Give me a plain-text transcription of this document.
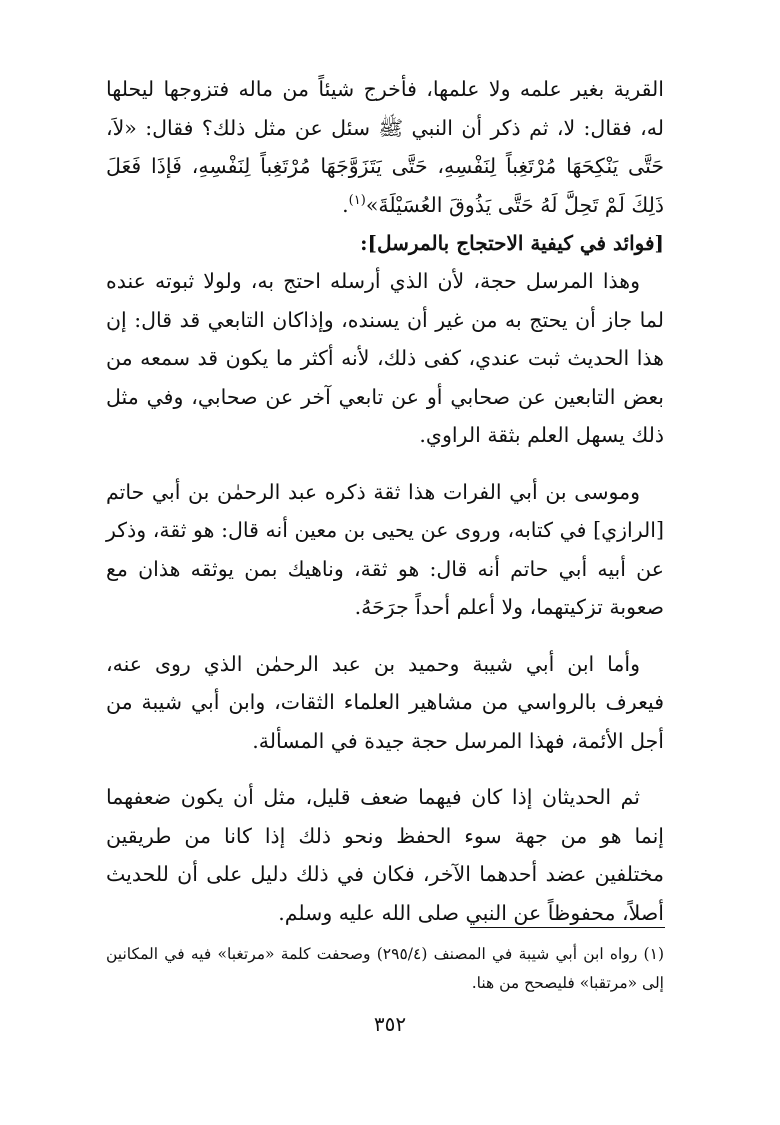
القرية بغير علمه ولا علمها، فأخرج شيئاً من ماله فتزوجها ليحلها له، فقال: لا، ثم ذكر أن النبي ﷺ سئل عن مثل ذلك؟ فقال: «لاَ، حَتَّى يَنْكِحَهَا مُرْتَغِباً لِنَفْسِهِ، حَتَّى يَتَزَوَّجَهَا مُرْتَغِباً لِنَفْسِهِ، فَإذَا فَعَلَ ذَلِكَ لَمْ تَحِلَّ لَهُ حَتَّى يَذُوقَ العُسَيْلَةَ»$^{(١)}$.

[فوائد في كيفية الاحتجاج بالمرسل]:

وهذا المرسل حجة، لأن الذي أرسله احتج به، ولولا ثبوته عنده لما جاز أن يحتج به من غير أن يسنده، وإذاكان التابعي قد قال: إن هذا الحديث ثبت عندي، كفى ذلك، لأنه أكثر ما يكون قد سمعه من بعض التابعين عن صحابي أو عن تابعي آخر عن صحابي، وفي مثل ذلك يسهل العلم بثقة الراوي.

وموسى بن أبي الفرات هذا ثقة ذكره عبد الرحمٰن بن أبي حاتم [الرازي] في كتابه، وروى عن يحيى بن معين أنه قال: هو ثقة، وذكر عن أبيه أبي حاتم أنه قال: هو ثقة، وناهيك بمن يوثقه هذان مع صعوبة تزكيتهما، ولا أعلم أحداً جرَحَهُ.

وأما ابن أبي شيبة وحميد بن عبد الرحمٰن الذي روى عنه، فيعرف بالرواسي من مشاهير العلماء الثقات، وابن أبي شيبة من أجل الأئمة، فهذا المرسل حجة جيدة في المسألة.

ثم الحديثان إذا كان فيهما ضعف قليل، مثل أن يكون ضعفهما إنما هو من جهة سوء الحفظ ونحو ذلك إذا كانا من طريقين مختلفين عضد أحدهما الآخر، فكان في ذلك دليل على أن للحديث أصلاً، محفوظاً عن النبي صلى الله عليه وسلم.

(١) رواه ابن أبي شيبة في المصنف (٢٩٥/٤) وصحفت كلمة «مرتغبا» فيه في المكانين إلى «مرتقبا» فليصحح من هنا.
٣٥٢
